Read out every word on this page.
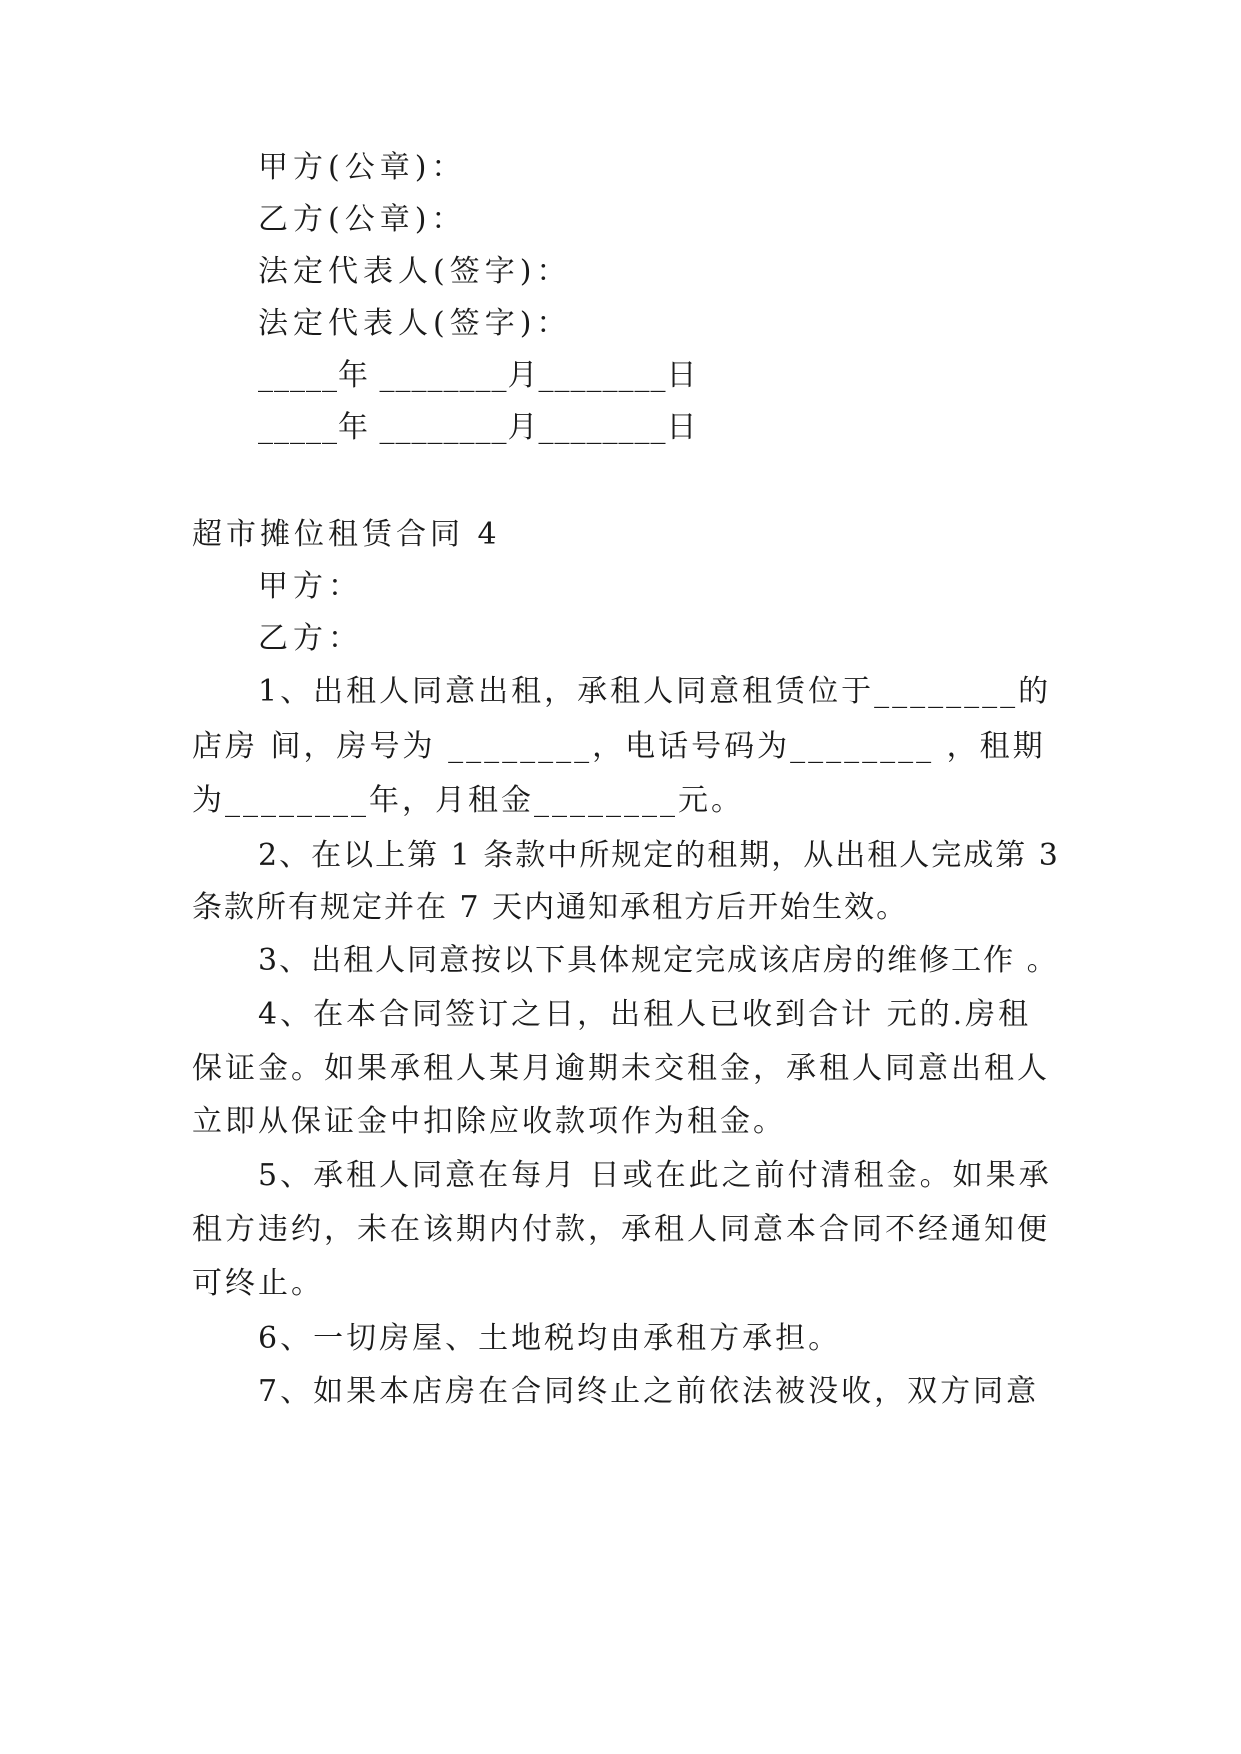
甲方(公章)：
乙方(公章)：
法定代表人(签字)：
法定代表人(签字)：
_____年 ________月________日
_____年 ________月________日
超市摊位租赁合同 4
甲方：
乙方：
1、出租人同意出租，承租人同意租赁位于________的
店房 间，房号为 ________，电话号码为________ ，租期
为________年，月租金________元。
2、在以上第 1 条款中所规定的租期，从出租人完成第 3
条款所有规定并在 7 天内通知承租方后开始生效。
3、出租人同意按以下具体规定完成该店房的维修工作 。
4、在本合同签订之日，出租人已收到合计 元的.房租
保证金。如果承租人某月逾期未交租金，承租人同意出租人
立即从保证金中扣除应收款项作为租金。
5、承租人同意在每月 日或在此之前付清租金。如果承
租方违约，未在该期内付款，承租人同意本合同不经通知便
可终止。
6、一切房屋、土地税均由承租方承担。
7、如果本店房在合同终止之前依法被没收，双方同意
